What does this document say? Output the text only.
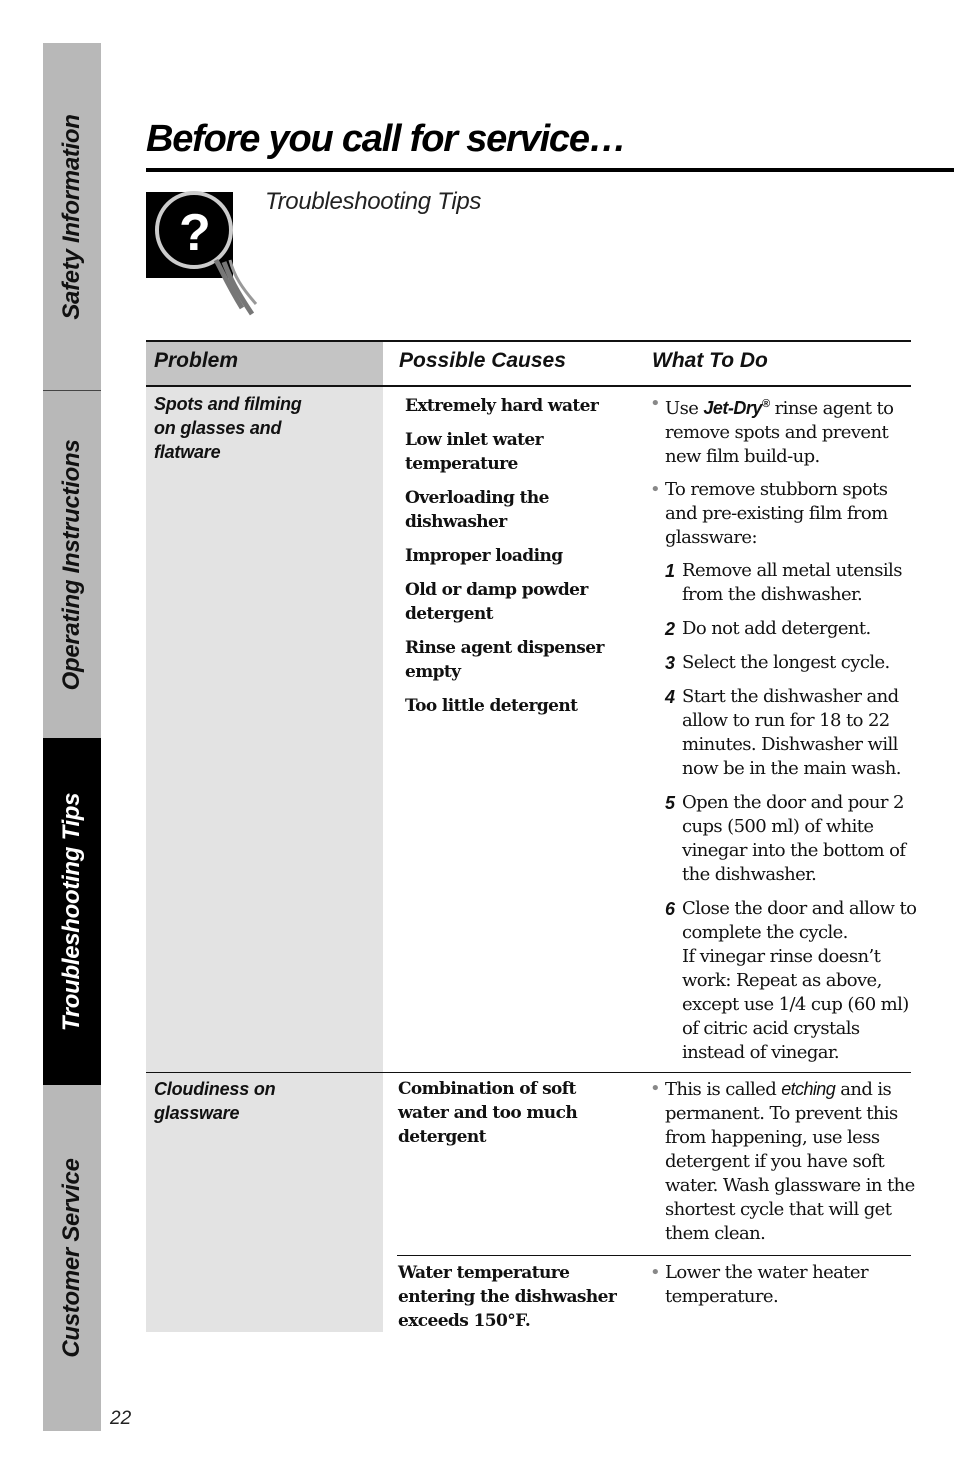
Safety Information
Operating Instructions
Troubleshooting Tips
Customer Service
22
Before you call for service…
?
Troubleshooting Tips
Problem	Possible Causes	What To Do
Spots and filming on glasses and flatware
Extremely hard water
Low inlet water temperature
Overloading the dishwasher
Improper loading
Old or damp powder detergent
Rinse agent dispenser empty
Too little detergent
• Use Jet-Dry® rinse agent to remove spots and prevent new film build-up.
• To remove stubborn spots and pre-existing film from glassware:
1 Remove all metal utensils from the dishwasher.
2 Do not add detergent.
3 Select the longest cycle.
4 Start the dishwasher and allow to run for 18 to 22 minutes. Dishwasher will now be in the main wash.
5 Open the door and pour 2 cups (500 ml) of white vinegar into the bottom of the dishwasher.
6 Close the door and allow to complete the cycle.
If vinegar rinse doesn’t work: Repeat as above, except use 1/4 cup (60 ml) of citric acid crystals instead of vinegar.
Cloudiness on glassware
Combination of soft water and too much detergent
• This is called etching and is permanent. To prevent this from happening, use less detergent if you have soft water. Wash glassware in the shortest cycle that will get them clean.
Water temperature entering the dishwasher exceeds 150°F.
• Lower the water heater temperature.
